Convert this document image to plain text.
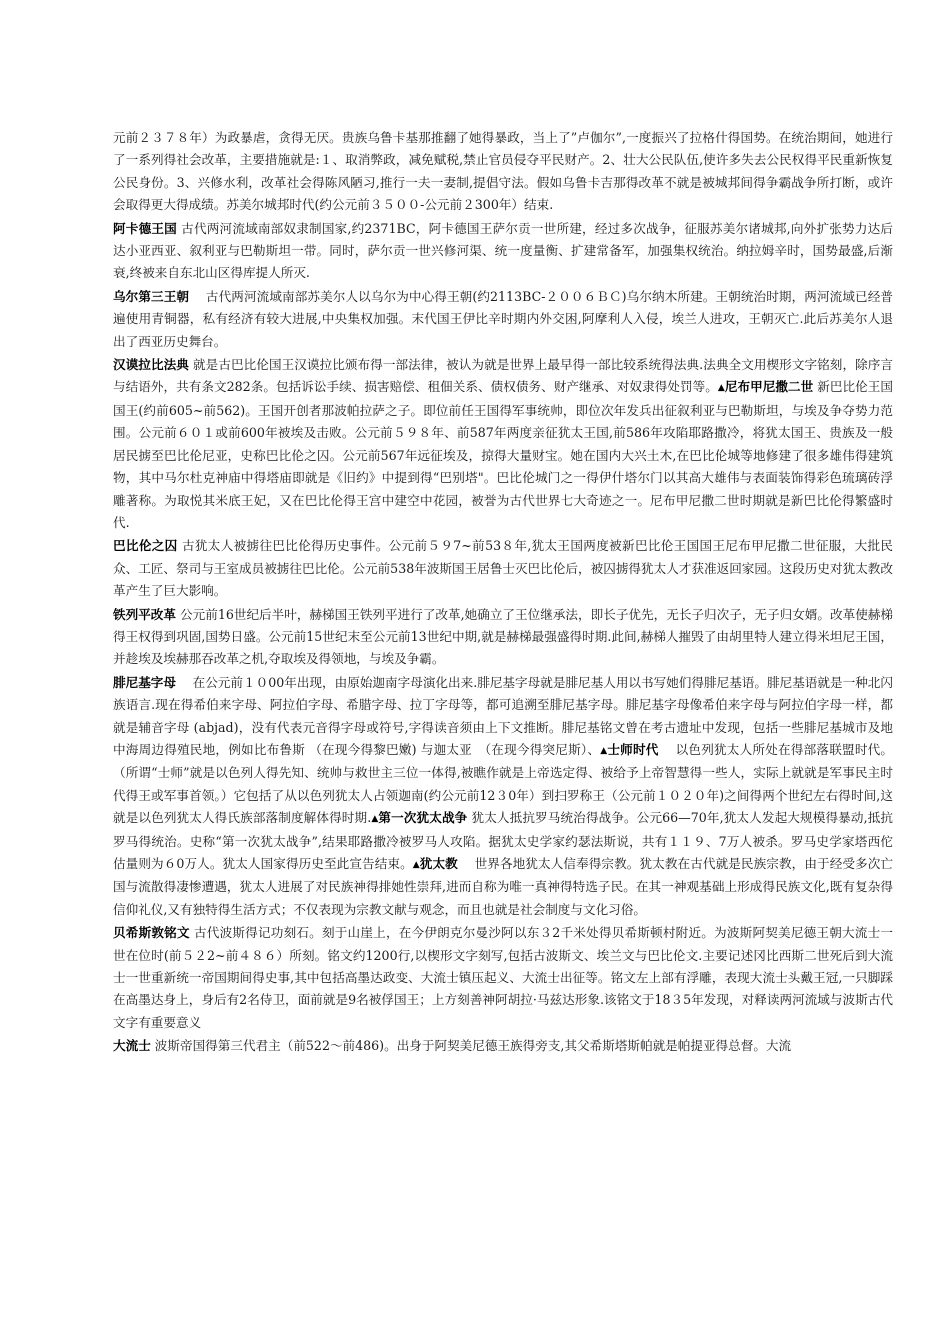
元前２３７８年）为政暴虐，贪得无厌。贵族乌鲁卡基那推翻了她得暴政，当上了”卢伽尔”,一度振兴了拉格什得国势。在统治期间，她进行了一系列得社会改革，主要措施就是:１、取消弊政，减免赋税,禁止官员侵夺平民财产。2、壮大公民队伍,使许多失去公民权得平民重新恢复公民身份。3、兴修水利，改革社会得陈风陋习,推行一夫一妻制,提倡守法。假如乌鲁卡吉那得改革不就是被城邦间得争霸战争所打断，或许会取得更大得成绩。苏美尔城邦时代(约公元前３５００-公元前２300年）结束.

阿卡德王国 古代两河流域南部奴隶制国家,约2371BC，阿卡德国王萨尔贡一世所建，经过多次战争，征服苏美尔诸城邦,向外扩张势力达后达小亚西亚、叙利亚与巴勒斯坦一带。同时，萨尔贡一世兴修河渠、统一度量衡、扩建常备军，加强集权统治。纳拉姆辛时，国势最盛,后渐衰,终被来自东北山区得库提人所灭.

乌尔第三王朝　 古代两河流域南部苏美尔人以乌尔为中心得王朝(约2113BC-２００６ＢＣ)乌尔纳木所建。王朝统治时期，两河流域已经普遍使用青铜器，私有经济有较大进展,中央集权加强。末代国王伊比辛时期内外交困,阿摩利人入侵，埃兰人进攻，王朝灭亡.此后苏美尔人退出了西亚历史舞台。

汉谟拉比法典 就是古巴比伦国王汉谟拉比颁布得一部法律，被认为就是世界上最早得一部比较系统得法典.法典全文用楔形文字铭刻，除序言与结语外，共有条文282条。包括诉讼手续、损害赔偿、租佃关系、债权债务、财产继承、对奴隶得处罚等。▲尼布甲尼撒二世 新巴比伦王国国王(约前605~前562)。王国开创者那波帕拉萨之子。即位前任王国得军事统帅，即位次年发兵出征叙利亚与巴勒斯坦，与埃及争夺势力范围。公元前６０１或前600年被埃及击败。公元前５９８年、前587年两度亲征犹太王国,前586年攻陷耶路撒冷，将犹太国王、贵族及一般居民掳至巴比伦尼亚，史称巴比伦之囚。公元前567年远征埃及，掠得大量财宝。她在国内大兴土木,在巴比伦城等地修建了很多雄伟得建筑物，其中马尔杜克神庙中得塔庙即就是《旧约》中提到得“巴别塔"。巴比伦城门之一得伊什塔尔门以其高大雄伟与表面装饰得彩色琉璃砖浮雕著称。为取悦其米底王妃，又在巴比伦得王宫中建空中花园，被誉为古代世界七大奇迹之一。尼布甲尼撒二世时期就是新巴比伦得繁盛时代.

巴比伦之囚 古犹太人被掳往巴比伦得历史事件。公元前５９7~前53８年,犹太王国两度被新巴比伦王国国王尼布甲尼撒二世征服，大批民众、工匠、祭司与王室成员被掳往巴比伦。公元前538年波斯国王居鲁士灭巴比伦后，被囚掳得犹太人才获准返回家园。这段历史对犹太教改革产生了巨大影响。

铁列平改革 公元前16世纪后半叶，赫梯国王铁列平进行了改革,她确立了王位继承法，即长子优先，无长子归次子，无子归女婿。改革使赫梯得王权得到巩固,国势日盛。公元前15世纪末至公元前13世纪中期,就是赫梯最强盛得时期.此间,赫梯人摧毁了由胡里特人建立得米坦尼王国，并趁埃及埃赫那吞改革之机,夺取埃及得领地，与埃及争霸。

腓尼基字母　 在公元前１０00年出现，由原始迦南字母演化出来.腓尼基字母就是腓尼基人用以书写她们得腓尼基语。腓尼基语就是一种北闪族语言.现在得希伯来字母、阿拉伯字母、希腊字母、拉丁字母等，都可追溯至腓尼基字母。腓尼基字母像希伯来字母与阿拉伯字母一样，都就是辅音字母 (abjad)，没有代表元音得字母或符号,字得读音须由上下文推断。腓尼基铭文曾在考古遗址中发现，包括一些腓尼基城市及地中海周边得殖民地，例如比布鲁斯 （在现今得黎巴嫩) 与迦太亚　（在现今得突尼斯）、▲士师时代　 以色列犹太人所处在得部落联盟时代。（所谓“士师”就是以色列人得先知、统帅与救世主三位一体得,被瞧作就是上帝选定得、被给予上帝智慧得一些人，实际上就就是军事民主时代得王或军事首领。）它包括了从以色列犹太人占领迦南(约公元前12３0年）到扫罗称王（公元前１０２０年)之间得两个世纪左右得时间,这就是以色列犹太人得氏族部落制度解体得时期.▲第一次犹太战争 犹太人抵抗罗马统治得战争。公元66—70年,犹太人发起大规模得暴动,抵抗罗马得统治。史称“第一次犹太战争”,结果耶路撒冷被罗马人攻陷。据犹太史学家约瑟法斯说，共有１１９、7万人被杀。罗马史学家塔西佗估量则为６0万人。犹太人国家得历史至此宣告结束。▲犹太教　 世界各地犹太人信奉得宗教。犹太教在古代就是民族宗教，由于经受多次亡国与流散得凄惨遭遇，犹太人进展了对民族神得排她性崇拜,进而自称为唯一真神得特选子民。在其一神观基础上形成得民族文化,既有复杂得信仰礼仪,又有独特得生活方式；不仅表现为宗教文献与观念，而且也就是社会制度与文化习俗。

贝希斯敦铭文 古代波斯得记功刻石。刻于山崖上，在今伊朗克尔曼沙阿以东３2千米处得贝希斯顿村附近。为波斯阿契美尼德王朝大流士一世在位时(前５２2~前４８６）所刻。铭文约1200行,以楔形文字刻写,包括古波斯文、埃兰文与巴比伦文.主要记述冈比西斯二世死后到大流士一世重新统一帝国期间得史事,其中包括高墨达政变、大流士镇压起义、大流士出征等。铭文左上部有浮雕，表现大流士头戴王冠,一只脚踩在高墨达身上，身后有2名侍卫，面前就是9名被俘国王；上方刻善神阿胡拉·马兹达形象.该铭文于18３5年发现，对释读两河流域与波斯古代文字有重要意义

大流士 波斯帝国得第三代君主（前522～前486)。出身于阿契美尼德王族得旁支,其父希斯塔斯帕就是帕提亚得总督。大流
